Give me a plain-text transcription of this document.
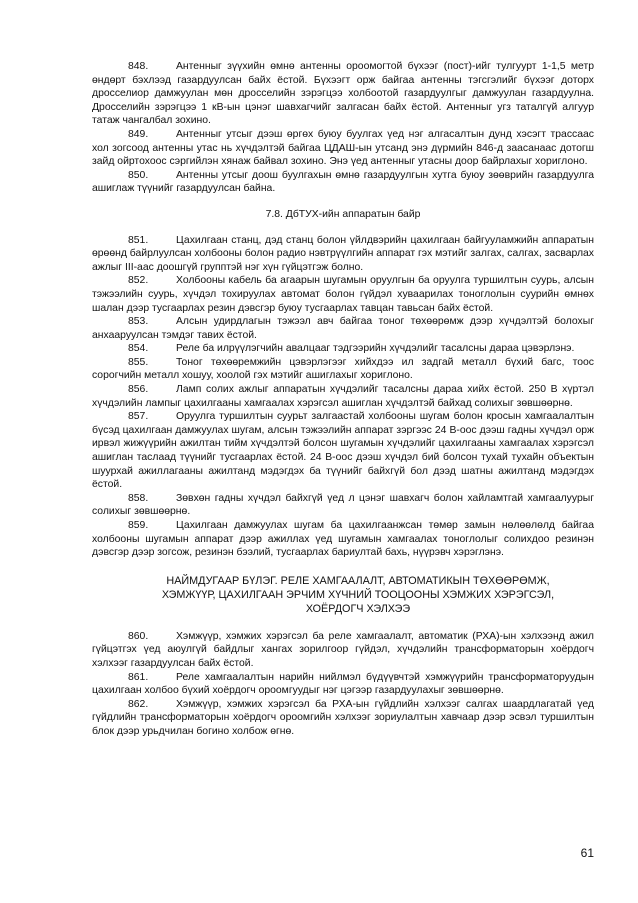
848.	Антенныг зүүхийн өмнө антенны ороомогтой бүхээг (пост)-ийг тулгуурт 1-1,5 метр өндөрт бэхлээд газардуулсан байх ёстой. Бүхээгт орж байгаа антенны тэгсгэлийг бүхээг доторх дросселиор дамжуулан мөн дросселийн зэрэгцээ холбоотой газардуулгыг дамжуулан газардуулна. Дросселийн зэрэгцээ 1 кВ-ын цэнэг шавхагчийг залгасан байх ёстой. Антенныг угз таталгүй алгуур татаж чангалбал зохино.

849.	Антенныг утсыг дээш өргөх буюу буулгах үед нэг алгасалтын дунд хэсэгт трассаас хол зогсоод антенны утас нь хүчдэлтэй байгаа ЦДАШ-ын утсанд энэ дүрмийн 846-д заасанаас дотогш зайд ойртохоос сэргийлэн хянаж байвал зохино. Энэ үед антенныг утасны доор байрлахыг хориглоно.

850.	Антенны утсыг доош буулгахын өмнө газардуулгын хутга буюу зөөврийн газардуулга ашиглаж түүнийг газардуулсан байна.

7.8. ДбТУХ-ийн аппаратын байр

851.	Цахилгаан станц, дэд станц болон үйлдвэрийн цахилгаан байгууламжийн аппаратын өрөөнд байрлуулсан холбооны болон радио нэвтрүүлгийн аппарат гэх мэтийг залгах, салгах, засварлах ажлыг III-аас доошгүй групптэй нэг хүн гүйцэтгэж болно.

852.	Холбооны кабель ба агаарын шугамын оруулгын ба оруулга туршилтын суурь, алсын тэжээлийн суурь, хүчдэл тохируулах автомат болон гүйдэл хуваарилах тоноглолын суурийн өмнөх шалан дээр тусгаарлах резин дэвсгэр буюу тусгаарлах тавцан тавьсан байх ёстой.

853.	Алсын удирдлагын тэжээл авч байгаа тоног төхөөрөмж дээр хүчдэлтэй болохыг анхааруулсан тэмдэг тавих ёстой.

854.	Реле ба илрүүлэгчийн авалцааг тэдгээрийн хүчдэлийг тасалсны дараа цэвэрлэнэ.

855.	Тоног төхөөремжийн цэвэрлэгээг хийхдээ ил задгай металл бүхий багс, тоос сорогчийн металл хошуу, хоолой гэх мэтийг ашиглахыг хориглоно.

856.	Ламп солих ажлыг аппаратын хүчдэлийг тасалсны дараа хийх ёстой. 250 В хүртэл хүчдэлийн лампыг цахилгааны хамгаалах хэрэгсэл ашиглан хүчдэлтэй байхад солихыг зөвшөөрнө.

857.	Оруулга туршилтын суурьт залгаастай холбооны шугам болон кросын хамгаалалтын бүсэд цахилгаан дамжуулах шугам, алсын тэжээлийн аппарат зэргээс 24 В-оос дээш гадны хүчдэл орж ирвэл жижүүрийн ажилтан тийм хүчдэлтэй болсон шугамын хүчдэлийг цахилгааны хамгаалах хэрэгсэл ашиглан таслаад түүнийг тусгаарлах ёстой. 24 В-оос дээш хүчдэл бий болсон тухай тухайн объектын шуурхай ажиллагааны ажилтанд мэдэгдэх ба түүнийг байхгүй бол дээд шатны ажилтанд мэдэгдэх ёстой.

858.	Зөвхөн гадны хүчдэл байхгүй үед л цэнэг шавхагч болон хайламтгай хамгаалуурыг солихыг зөвшөөрнө.

859.	Цахилгаан дамжуулах шугам ба цахилгаанжсан төмөр замын нөлөөлөлд байгаа холбооны шугамын аппарат дээр ажиллах үед шугамын хамгаалах тоноглолыг солихдоо резинэн дэвсгэр дээр зогсож, резинэн бээлий, тусгаарлах бариултай бахь, нүүрэвч хэрэглэнэ.

НАЙМДУГААР БҮЛЭГ. РЕЛЕ ХАМГААЛАЛТ, АВТОМАТИКЫН ТӨХӨӨРӨМЖ, ХЭМЖҮҮР, ЦАХИЛГААН ЭРЧИМ ХҮЧНИЙ ТООЦООНЫ ХЭМЖИХ ХЭРЭГСЭЛ, ХОЁРДОГЧ ХЭЛХЭЭ

860.	Хэмжүүр, хэмжих хэрэгсэл ба реле хамгаалалт, автоматик (РХА)-ын хэлхээнд ажил гүйцэтгэх үед аюулгүй байдлыг хангах зорилгоор гүйдэл, хүчдэлийн трансформаторын хоёрдогч хэлхээг газардуулсан байх ёстой.

861.	Реле хамгаалалтын нарийн нийлмэл бүдүүвчтэй хэмжүүрийн трансформаторуудын цахилгаан холбоо бүхий хоёрдогч ороомгуудыг нэг цэгээр газардуулахыг зөвшөөрнө.

862.	Хэмжүүр, хэмжих хэрэгсэл ба РХА-ын гүйдлийн хэлхээг салгах шаардлагатай үед гүйдлийн трансформаторын хоёрдогч ороомгийн хэлхээг зориулалтын хавчаар дээр эсвэл туршилтын блок дээр урьдчилан богино холбож өгнө.

61
